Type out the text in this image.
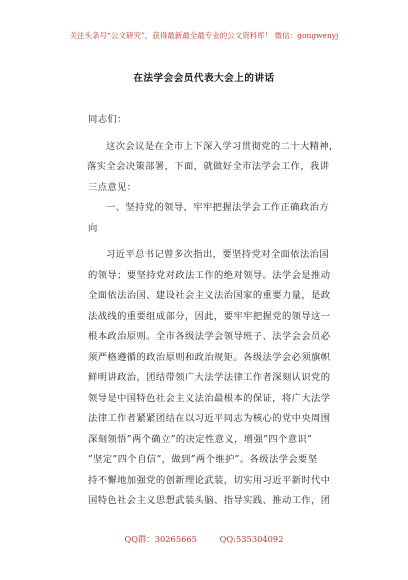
关注头条号“公文研究”，获得最新最全最专业的公文资料库！ 微信：gongwenyj
在法学会会员代表大会上的讲话
同志们：
这次会议是在全市上下深入学习贯彻党的二十大精神，
落实全会决策部署，下面，就做好全市法学会工作，我讲
三点意见：
一、坚持党的领导，牢牢把握法学会工作正确政治方
向
习近平总书记曾多次指出，要坚持党对全面依法治国
的领导；要坚持党对政法工作的绝对领导。法学会是推动
全面依法治国、建设社会主义法治国家的重要力量，是政
法战线的重要组成部分，因此，要牢牢把握党的领导这一
根本政治原则。全市各级法学会领导班子、法学会会员必
须严格遵循的政治原则和政治规矩。各级法学会必须旗帜
鲜明讲政治，团结带领广大法学法律工作者深刻认识党的
领导是中国特色社会主义法治最根本的保证，将广大法学
法律工作者紧紧团结在以习近平同志为核心的党中央周围
深刻领悟”两个确立”的决定性意义，增强”四个意识”
”坚定”四个自信”，做到”两个维护”。各级法学会要坚
持不懈地加强党的创新理论武装，切实用习近平新时代中
国特色社会主义思想武装头脑、指导实践、推动工作，团
QQ群：30265665	QQ:535304092
